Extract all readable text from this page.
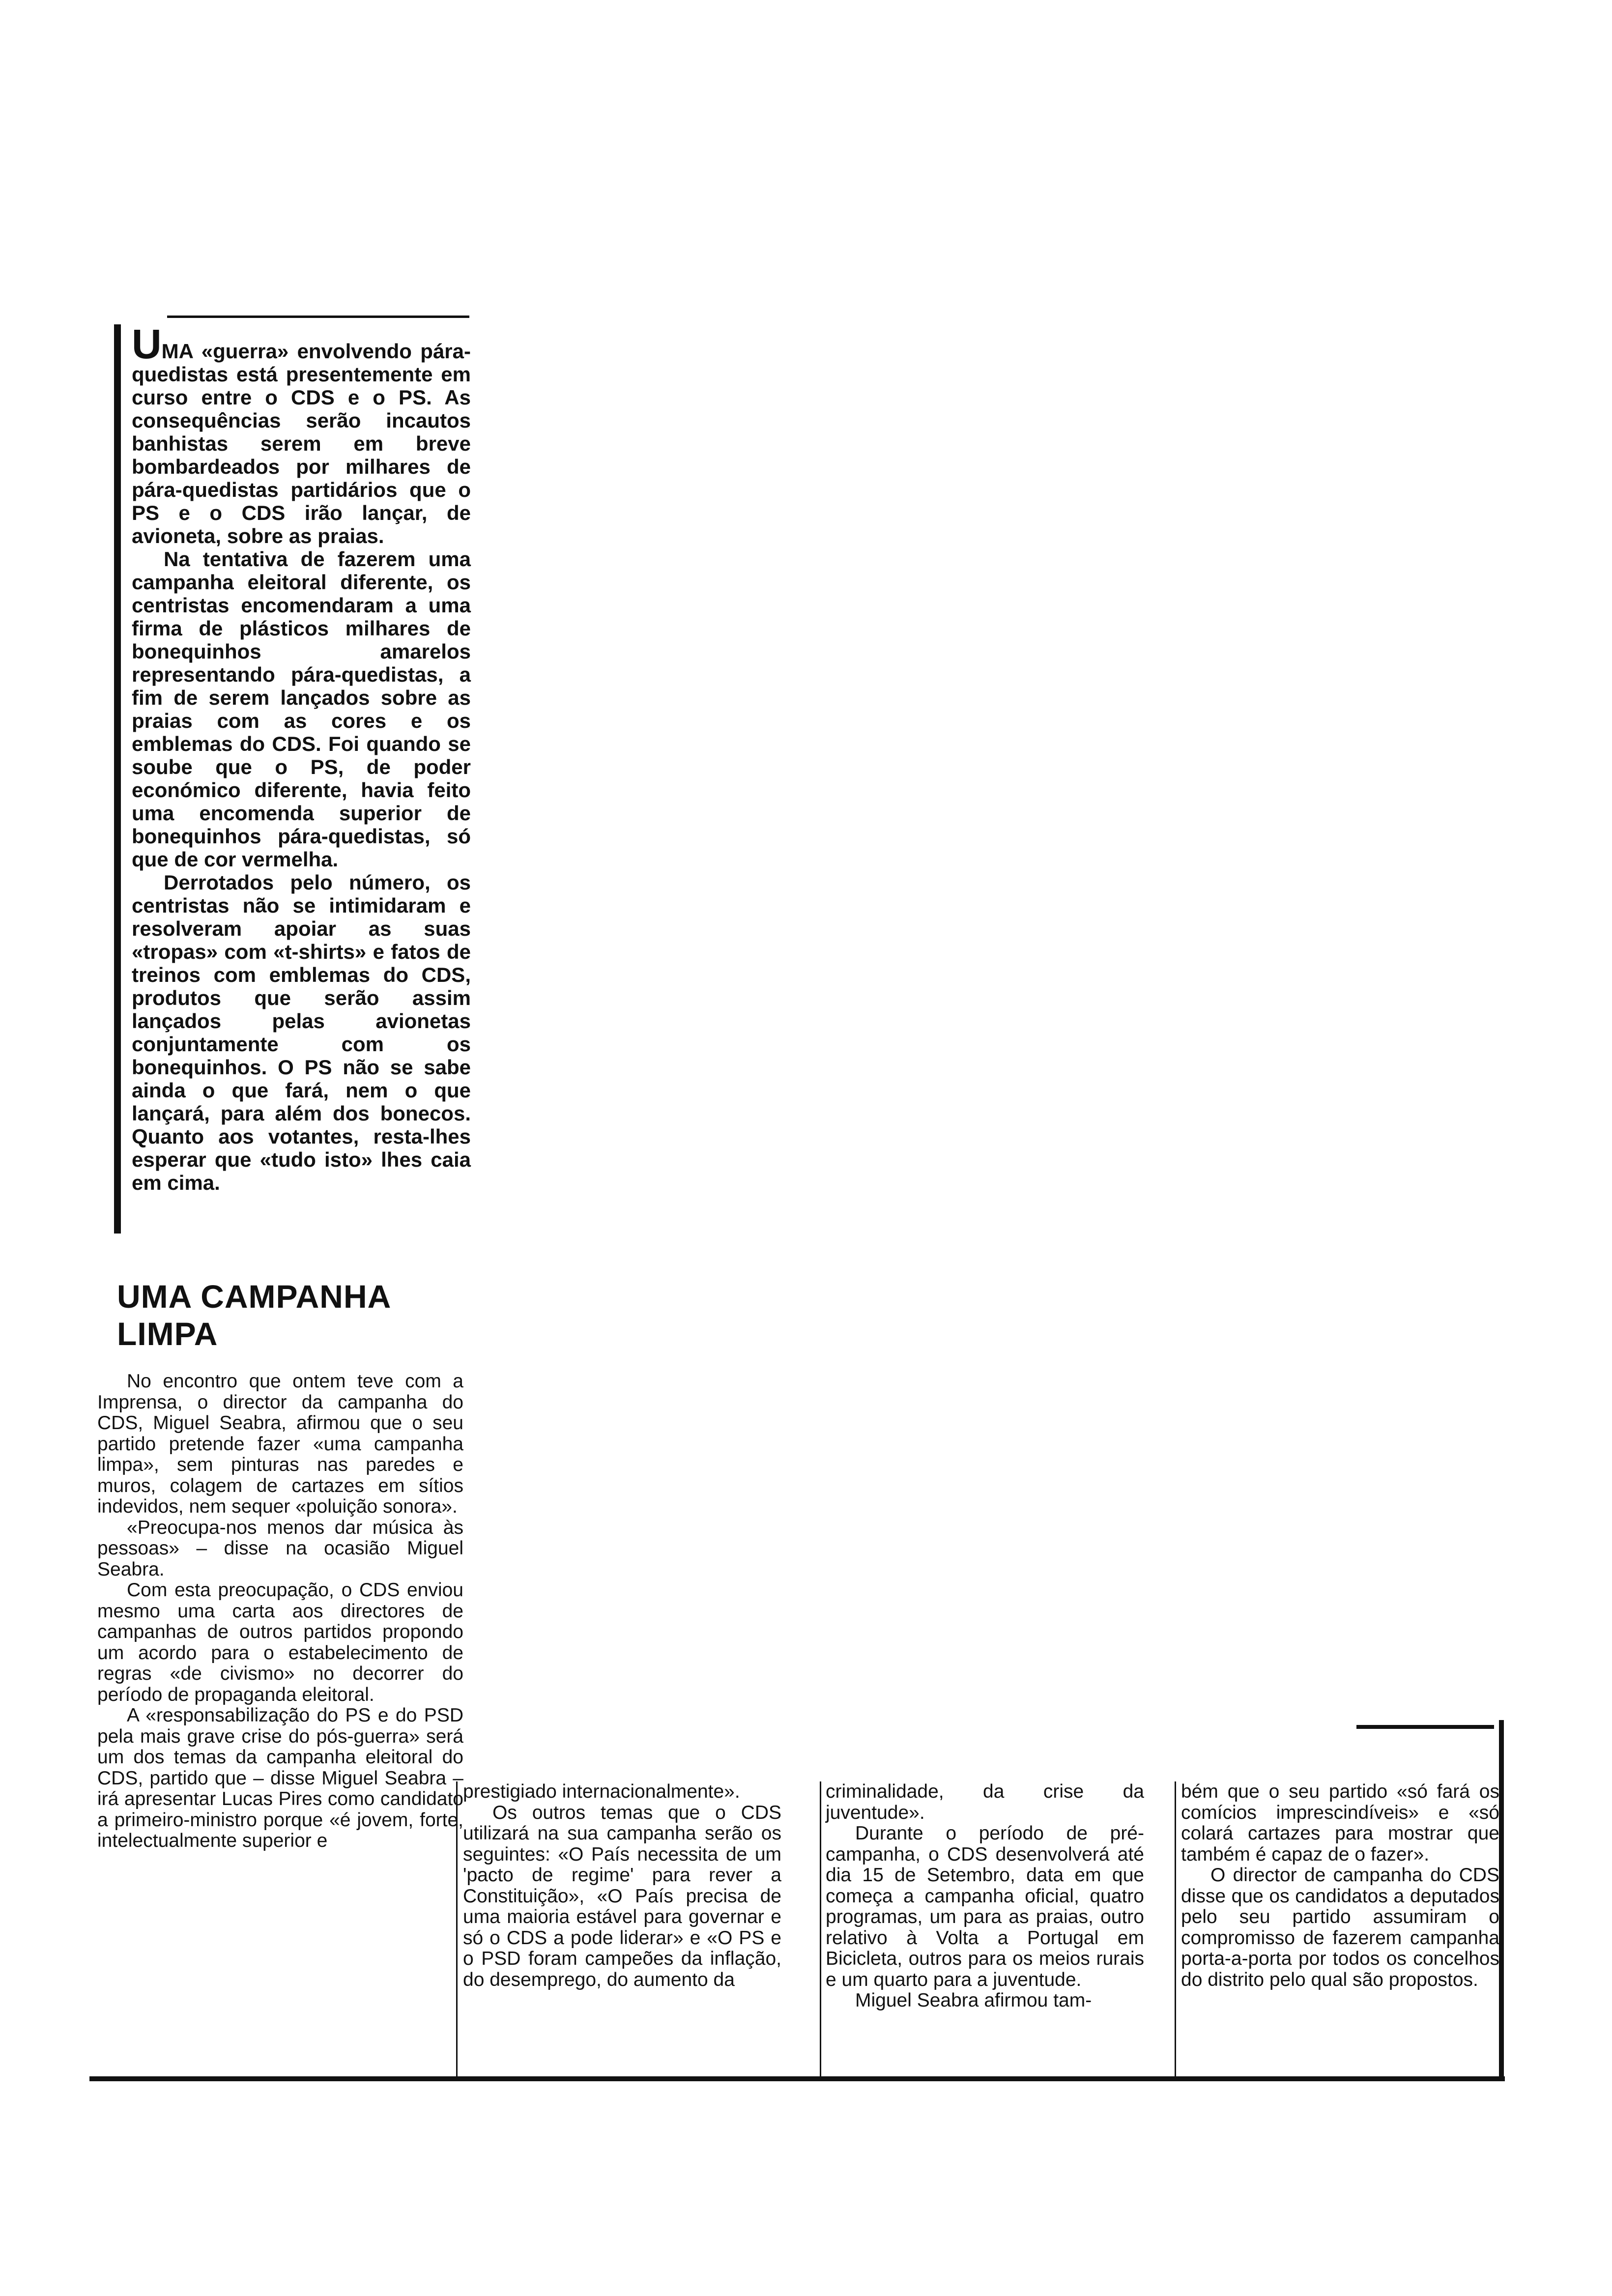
UMA «guerra» envolvendo pára-quedistas está presentemente em curso entre o CDS e o PS. As consequências serão incautos banhistas serem em breve bombardeados por milhares de pára-quedistas partidários que o PS e o CDS irão lançar, de avioneta, sobre as praias.

Na tentativa de fazerem uma campanha eleitoral diferente, os centristas encomendaram a uma firma de plásticos milhares de bonequinhos amarelos representando pára-quedistas, a fim de serem lançados sobre as praias com as cores e os emblemas do CDS. Foi quando se soube que o PS, de poder económico diferente, havia feito uma encomenda superior de bonequinhos pára-quedistas, só que de cor vermelha.

Derrotados pelo número, os centristas não se intimidaram e resolveram apoiar as suas «tropas» com «t-shirts» e fatos de treinos com emblemas do CDS, produtos que serão assim lançados pelas avionetas conjuntamente com os bonequinhos. O PS não se sabe ainda o que fará, nem o que lançará, para além dos bonecos. Quanto aos votantes, resta-lhes esperar que «tudo isto» lhes caia em cima.

UMA CAMPANHA LIMPA

No encontro que ontem teve com a Imprensa, o director da campanha do CDS, Miguel Seabra, afirmou que o seu partido pretende fazer «uma campanha limpa», sem pinturas nas paredes e muros, colagem de cartazes em sítios indevidos, nem sequer «poluição sonora».

«Preocupa-nos menos dar música às pessoas» – disse na ocasião Miguel Seabra.

Com esta preocupação, o CDS enviou mesmo uma carta aos directores de campanhas de outros partidos propondo um acordo para o estabelecimento de regras «de civismo» no decorrer do período de propaganda eleitoral.

A «responsabilização do PS e do PSD pela mais grave crise do pós-guerra» será um dos temas da campanha eleitoral do CDS, partido que – disse Miguel Seabra – irá apresentar Lucas Pires como candidato a primeiro-ministro porque «é jovem, forte, intelectualmente superior e

prestigiado internacionalmente».

Os outros temas que o CDS utilizará na sua campanha serão os seguintes: «O País necessita de um 'pacto de regime' para rever a Constituição», «O País precisa de uma maioria estável para governar e só o CDS a pode liderar» e «O PS e o PSD foram campeões da inflação, do desemprego, do aumento da

criminalidade, da crise da juventude».

Durante o período de pré-campanha, o CDS desenvolverá até dia 15 de Setembro, data em que começa a campanha oficial, quatro programas, um para as praias, outro relativo à Volta a Portugal em Bicicleta, outros para os meios rurais e um quarto para a juventude.

Miguel Seabra afirmou tam-

bém que o seu partido «só fará os comícios imprescindíveis» e «só colará cartazes para mostrar que também é capaz de o fazer».

O director de campanha do CDS disse que os candidatos a deputados pelo seu partido assumiram o compromisso de fazerem campanha porta-a-porta por todos os concelhos do distrito pelo qual são propostos.
